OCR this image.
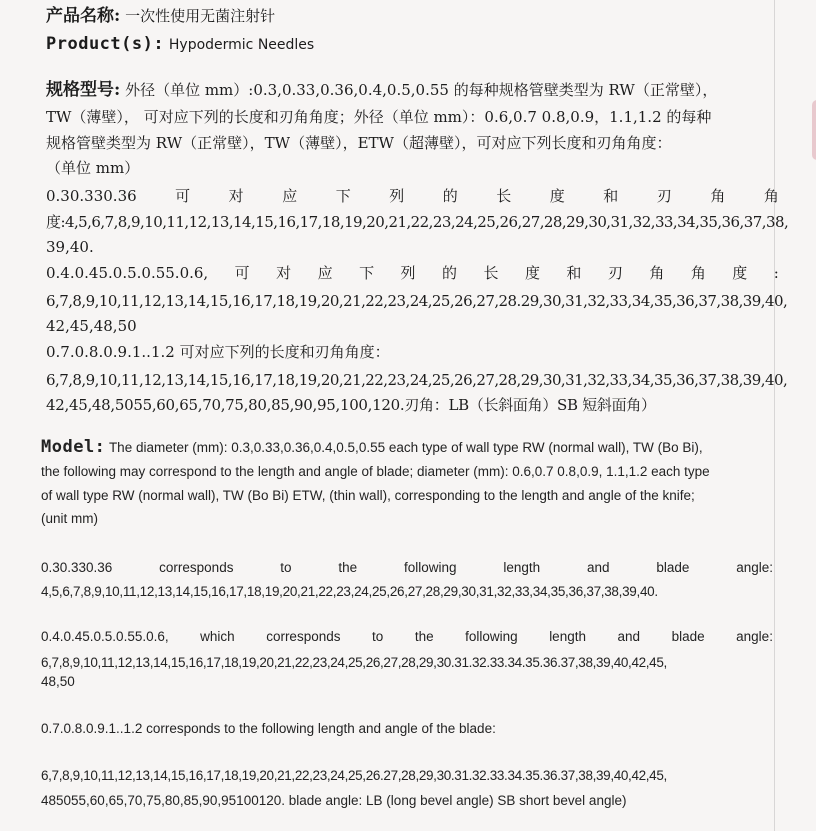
产品名称: 一次性使用无菌注射针
Product(s): Hypodermic Needles
规格型号: 外径（单位 mm）:0.3,0.33,0.36,0.4,0.5,0.55 的每种规格管壁类型为 RW（正常壁），
TW（薄壁）， 可对应下列的长度和刃角角度；外径（单位 mm）：0.6,0.7 0.8,0.9，1.1,1.2 的每种
规格管壁类型为 RW（正常壁），TW（薄壁），ETW（超薄壁），可对应下列长度和刃角角度：
（单位 mm）
0.30.330.36	可	对	应	下	列	的	长	度	和	刃	角	角
度:4,5,6,7,8,9,10,11,12,13,14,15,16,17,18,19,20,21,22,23,24,25,26,27,28,29,30,31,32,33,34,35,36,37,38,
39,40.
0.4.0.45.0.5.0.55.0.6, 可 对 应 下 列 的 长 度 和 刃 角 角 度 :
6,7,8,9,10,11,12,13,14,15,16,17,18,19,20,21,22,23,24,25,26,27,28.29,30,31,32,33,34,35,36,37,38,39,40,
42,45,48,50
0.7.0.8.0.9.1..1.2 可对应下列的长度和刃角角度：
6,7,8,9,10,11,12,13,14,15,16,17,18,19,20,21,22,23,24,25,26,27,28,29,30,31,32,33,34,35,36,37,38,39,40,
42,45,48,5055,60,65,70,75,80,85,90,95,100,120.刃角：LB（长斜面角）SB 短斜面角）
Model: The diameter (mm): 0.3,0.33,0.36,0.4,0.5,0.55 each type of wall type RW (normal wall), TW (Bo Bi),
the following may correspond to the length and angle of blade; diameter (mm): 0.6,0.7 0.8,0.9, 1.1,1.2 each type
of wall type RW (normal wall), TW (Bo Bi) ETW, (thin wall), corresponding to the length and angle of the knife;
(unit mm)
0.30.330.36	corresponds	to	the	following	length	and	blade	angle:
4,5,6,7,8,9,10,11,12,13,14,15,16,17,18,19,20,21,22,23,24,25,26,27,28,29,30,31,32,33,34,35,36,37,38,39,40.
0.4.0.45.0.5.0.55.0.6, which corresponds to the following length and blade angle:
6,7,8,9,10,11,12,13,14,15,16,17,18,19,20,21,22,23,24,25,26,27,28,29,30.31.32.33.34.35.36.37,38,39,40,42,45,
48,50
0.7.0.8.0.9.1..1.2 corresponds to the following length and angle of the blade:
6,7,8,9,10,11,12,13,14,15,16,17,18,19,20,21,22,23,24,25,26.27,28,29,30.31.32.33.34.35.36.37,38,39,40,42,45,
485055,60,65,70,75,80,85,90,95100120. blade angle: LB (long bevel angle) SB short bevel angle)
